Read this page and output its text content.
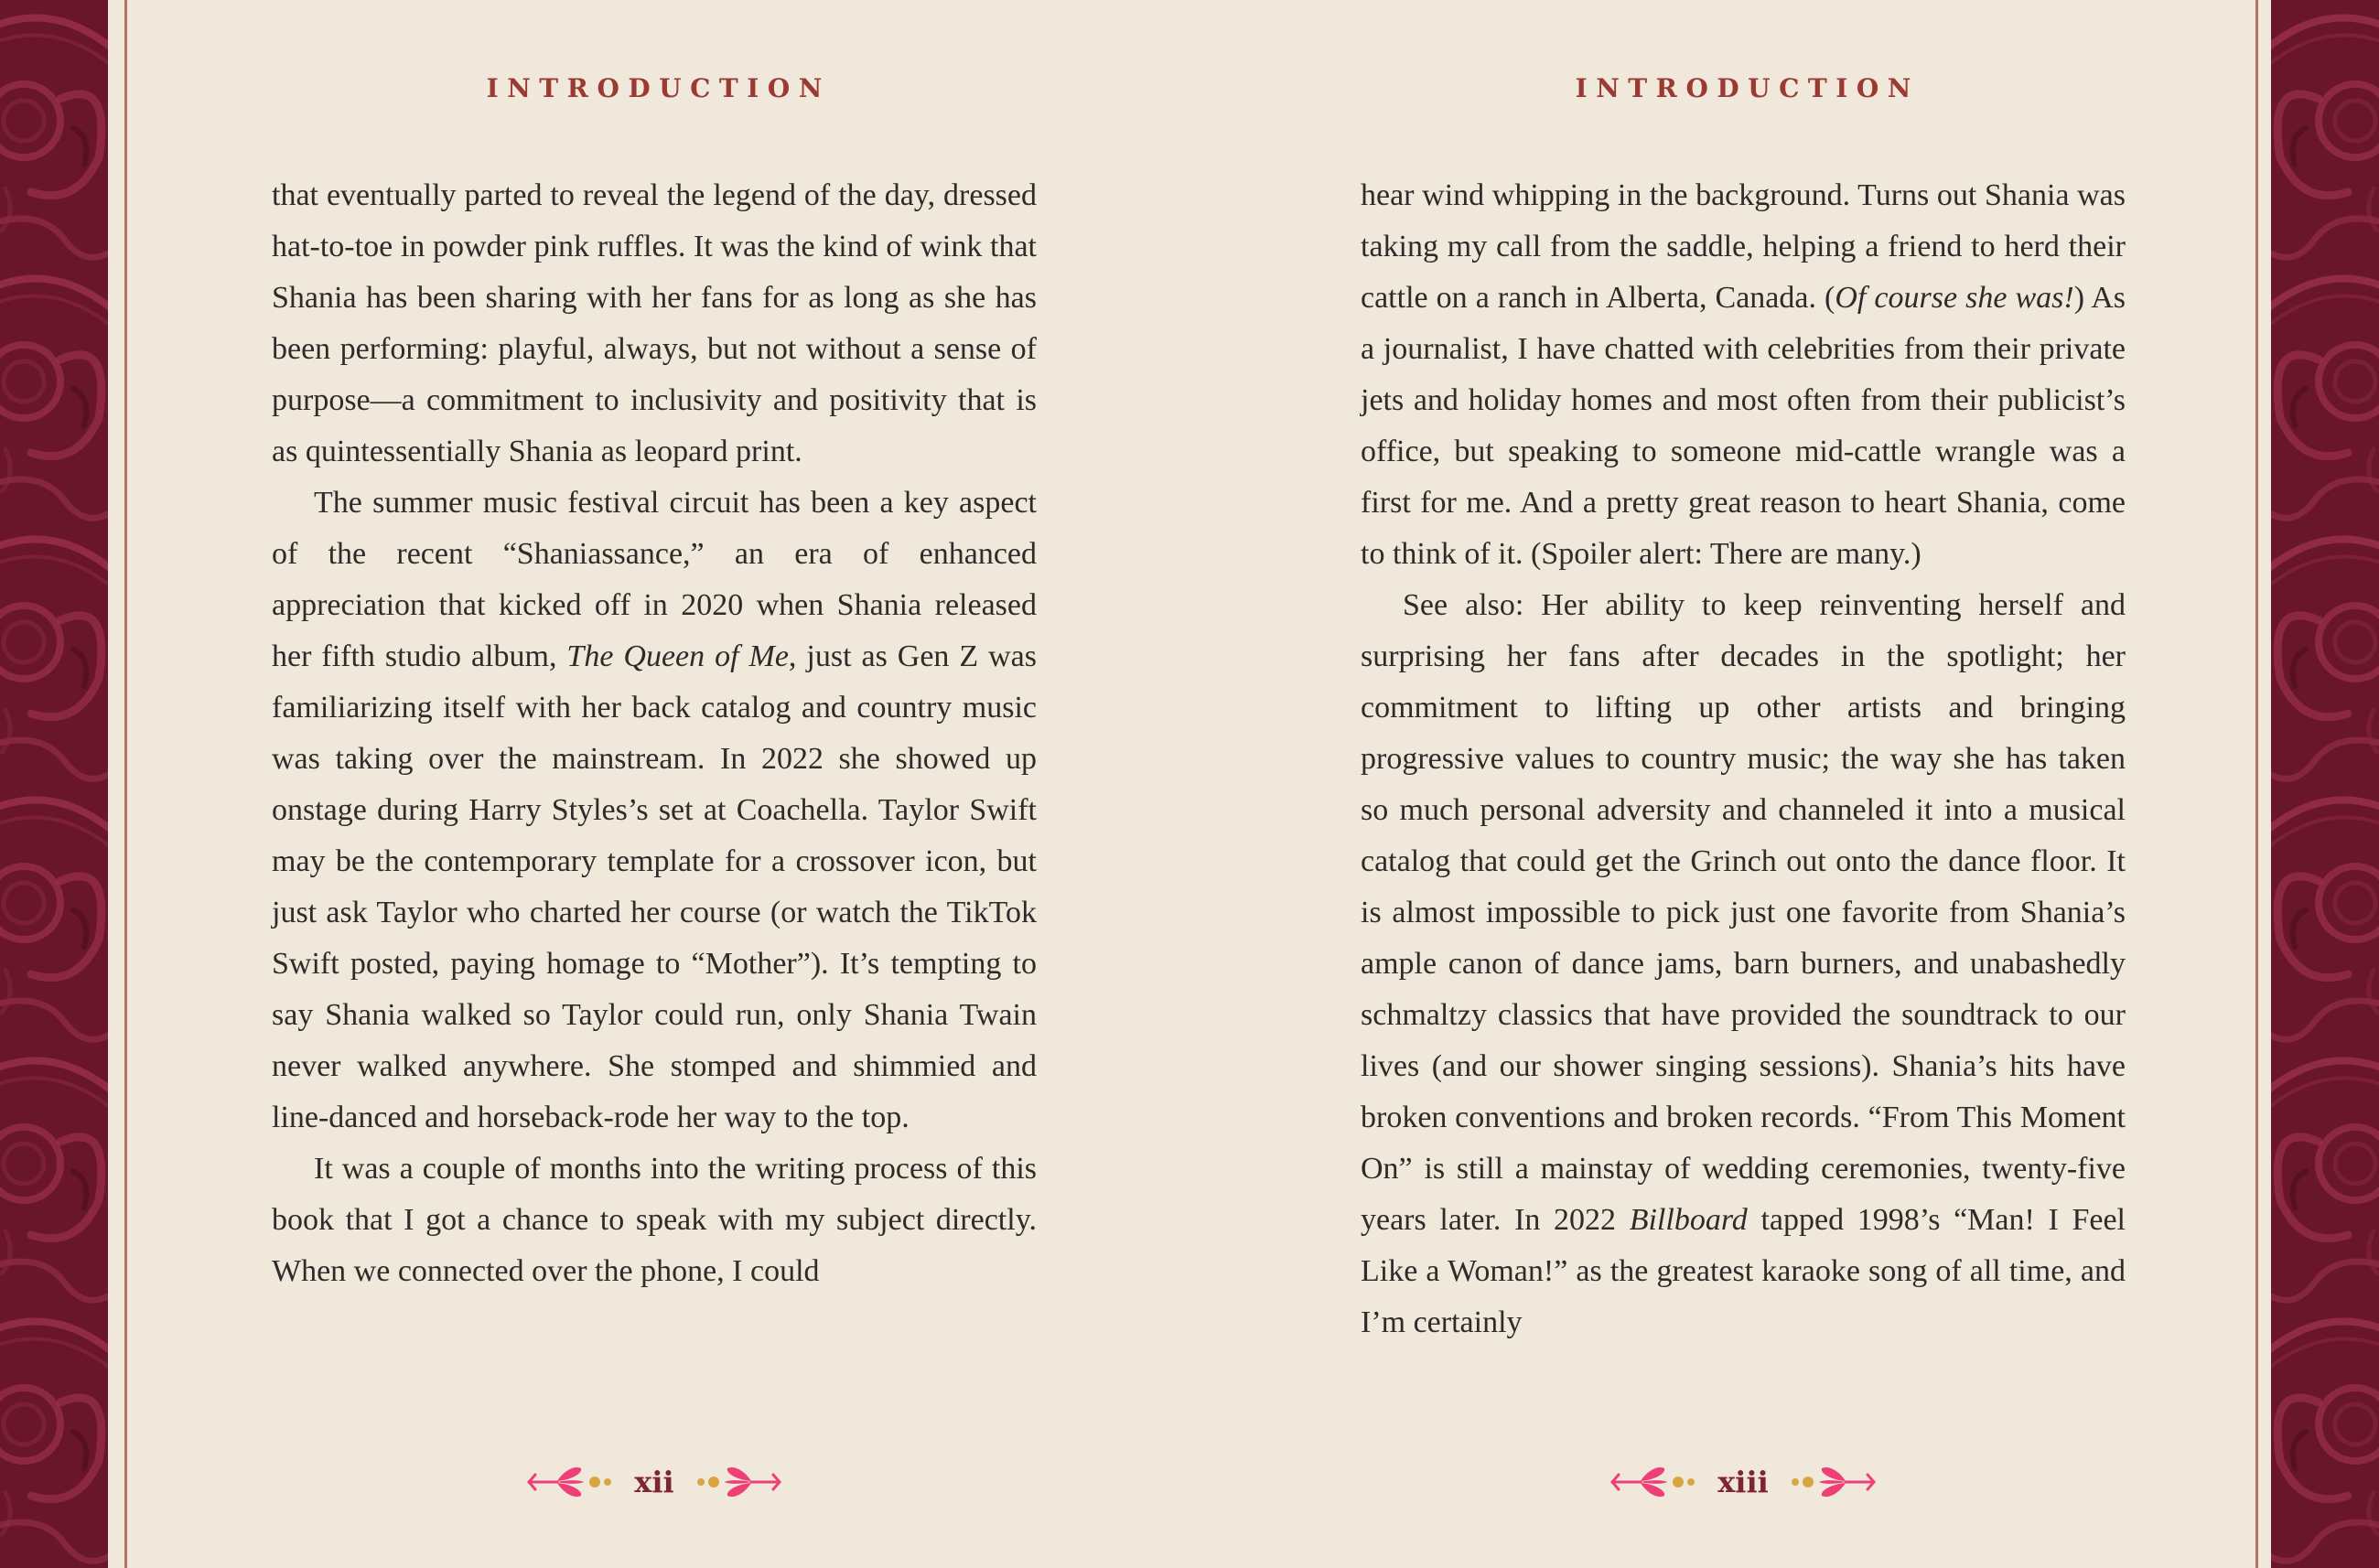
INTRODUCTION

that eventually parted to reveal the legend of the day, dressed hat-to-toe in powder pink ruffles. It was the kind of wink that Shania has been sharing with her fans for as long as she has been performing: playful, always, but not without a sense of purpose—a commitment to inclusivity and positivity that is as quintessentially Shania as leopard print.

The summer music festival circuit has been a key aspect of the recent “Shaniassance,” an era of enhanced appreciation that kicked off in 2020 when Shania released her fifth studio album, The Queen of Me, just as Gen Z was familiarizing itself with her back catalog and country music was taking over the mainstream. In 2022 she showed up onstage during Harry Styles’s set at Coachella. Taylor Swift may be the contemporary template for a crossover icon, but just ask Taylor who charted her course (or watch the TikTok Swift posted, paying homage to “Mother”). It’s tempting to say Shania walked so Taylor could run, only Shania Twain never walked anywhere. She stomped and shimmied and line-danced and horseback-rode her way to the top.

It was a couple of months into the writing process of this book that I got a chance to speak with my subject directly. When we connected over the phone, I could

xii
INTRODUCTION

hear wind whipping in the background. Turns out Shania was taking my call from the saddle, helping a friend to herd their cattle on a ranch in Alberta, Canada. (Of course she was!) As a journalist, I have chatted with celebrities from their private jets and holiday homes and most often from their publicist’s office, but speaking to someone mid-cattle wrangle was a first for me. And a pretty great reason to heart Shania, come to think of it. (Spoiler alert: There are many.)

See also: Her ability to keep reinventing herself and surprising her fans after decades in the spotlight; her commitment to lifting up other artists and bringing progressive values to country music; the way she has taken so much personal adversity and channeled it into a musical catalog that could get the Grinch out onto the dance floor. It is almost impossible to pick just one favorite from Shania’s ample canon of dance jams, barn burners, and unabashedly schmaltzy classics that have provided the soundtrack to our lives (and our shower singing sessions). Shania’s hits have broken conventions and broken records. “From This Moment On” is still a mainstay of wedding ceremonies, twenty-five years later. In 2022 Billboard tapped 1998’s “Man! I Feel Like a Woman!” as the greatest karaoke song of all time, and I’m certainly

xiii
